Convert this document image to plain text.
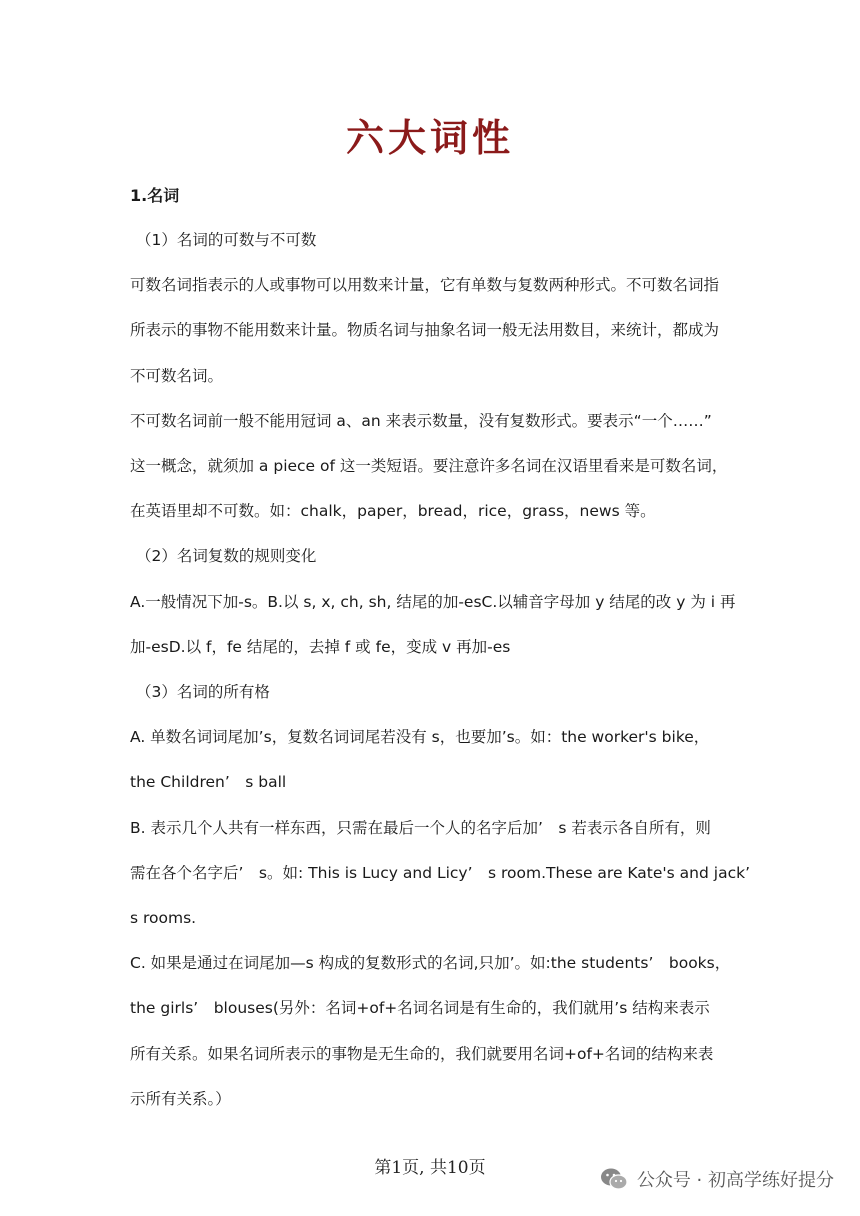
六大词性
1.名词
（1）名词的可数与不可数
可数名词指表示的人或事物可以用数来计量，它有单数与复数两种形式。不可数名词指
所表示的事物不能用数来计量。物质名词与抽象名词一般无法用数目，来统计，都成为
不可数名词。
不可数名词前一般不能用冠词 a、an 来表示数量，没有复数形式。要表示“一个……”
这一概念，就须加 a piece of 这一类短语。要注意许多名词在汉语里看来是可数名词，
在英语里却不可数。如：chalk，paper，bread，rice，grass，news 等。
（2）名词复数的规则变化
A.一般情况下加-s。B.以 s, x, ch, sh, 结尾的加-esC.以辅音字母加 y 结尾的改 y 为 i 再
加-esD.以 f，fe 结尾的，去掉 f 或 fe，变成 v 再加-es
（3）名词的所有格
A. 单数名词词尾加’s，复数名词词尾若没有 s，也要加’s。如：the worker's bike，
the Children’　s ball
B. 表示几个人共有一样东西，只需在最后一个人的名字后加’　s 若表示各自所有，则
需在各个名字后’　s。如: This is Lucy and Licy’　s room.These are Kate's and jack’
s rooms.
C. 如果是通过在词尾加—s 构成的复数形式的名词,只加’。如:the students’　books，
the girls’　blouses(另外：名词+of+名词名词是有生命的，我们就用’s 结构来表示
所有关系。如果名词所表示的事物是无生命的，我们就要用名词+of+名词的结构来表
示所有关系。）
第1页, 共10页
公众号 · 初高学练好提分
